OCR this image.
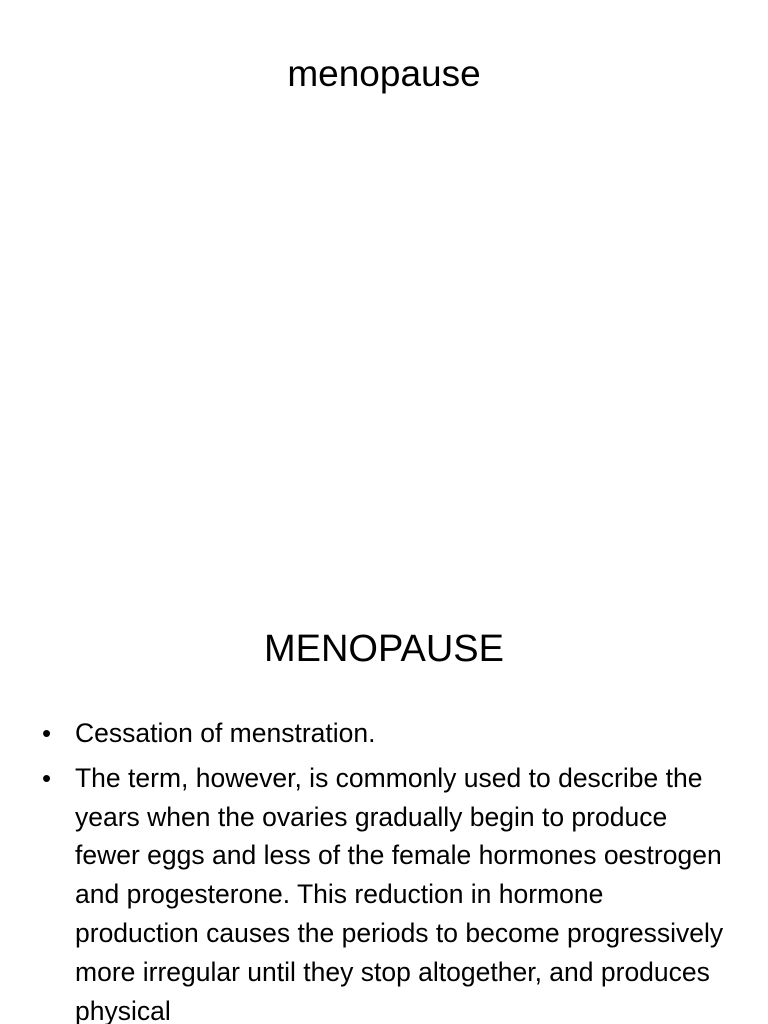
menopause
MENOPAUSE
• Cessation of menstration.
• The term, however, is commonly used to describe the years when the ovaries gradually begin to produce fewer eggs and less of the female hormones oestrogen and progesterone. This reduction in hormone production causes the periods to become progressively more irregular until they stop altogether, and produces physical
